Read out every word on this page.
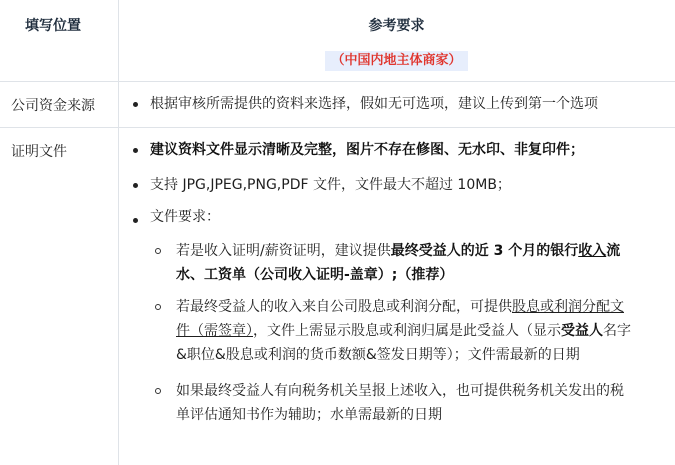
填写位置	参考要求
（中国内地主体商家）
公司资金来源	根据审核所需提供的资料来选择，假如无可选项，建议上传到第一个选项
证明文件	建议资料文件显示清晰及完整，图片不存在修图、无水印、非复印件；
支持 JPG,JPEG,PNG,PDF 文件，文件最大不超过 10MB；
文件要求：
若是收入证明/薪资证明，建议提供最终受益人的近 3 个月的银行收入流
水、工资单（公司收入证明-盖章）;（推荐）
若最终受益人的收入来自公司股息或利润分配，可提供股息或利润分配文
件（需签章），文件上需显示股息或利润归属是此受益人（显示受益人名字
&职位&股息或利润的货币数额&签发日期等）；文件需最新的日期
如果最终受益人有向税务机关呈报上述收入，也可提供税务机关发出的税
单评估通知书作为辅助；水单需最新的日期
